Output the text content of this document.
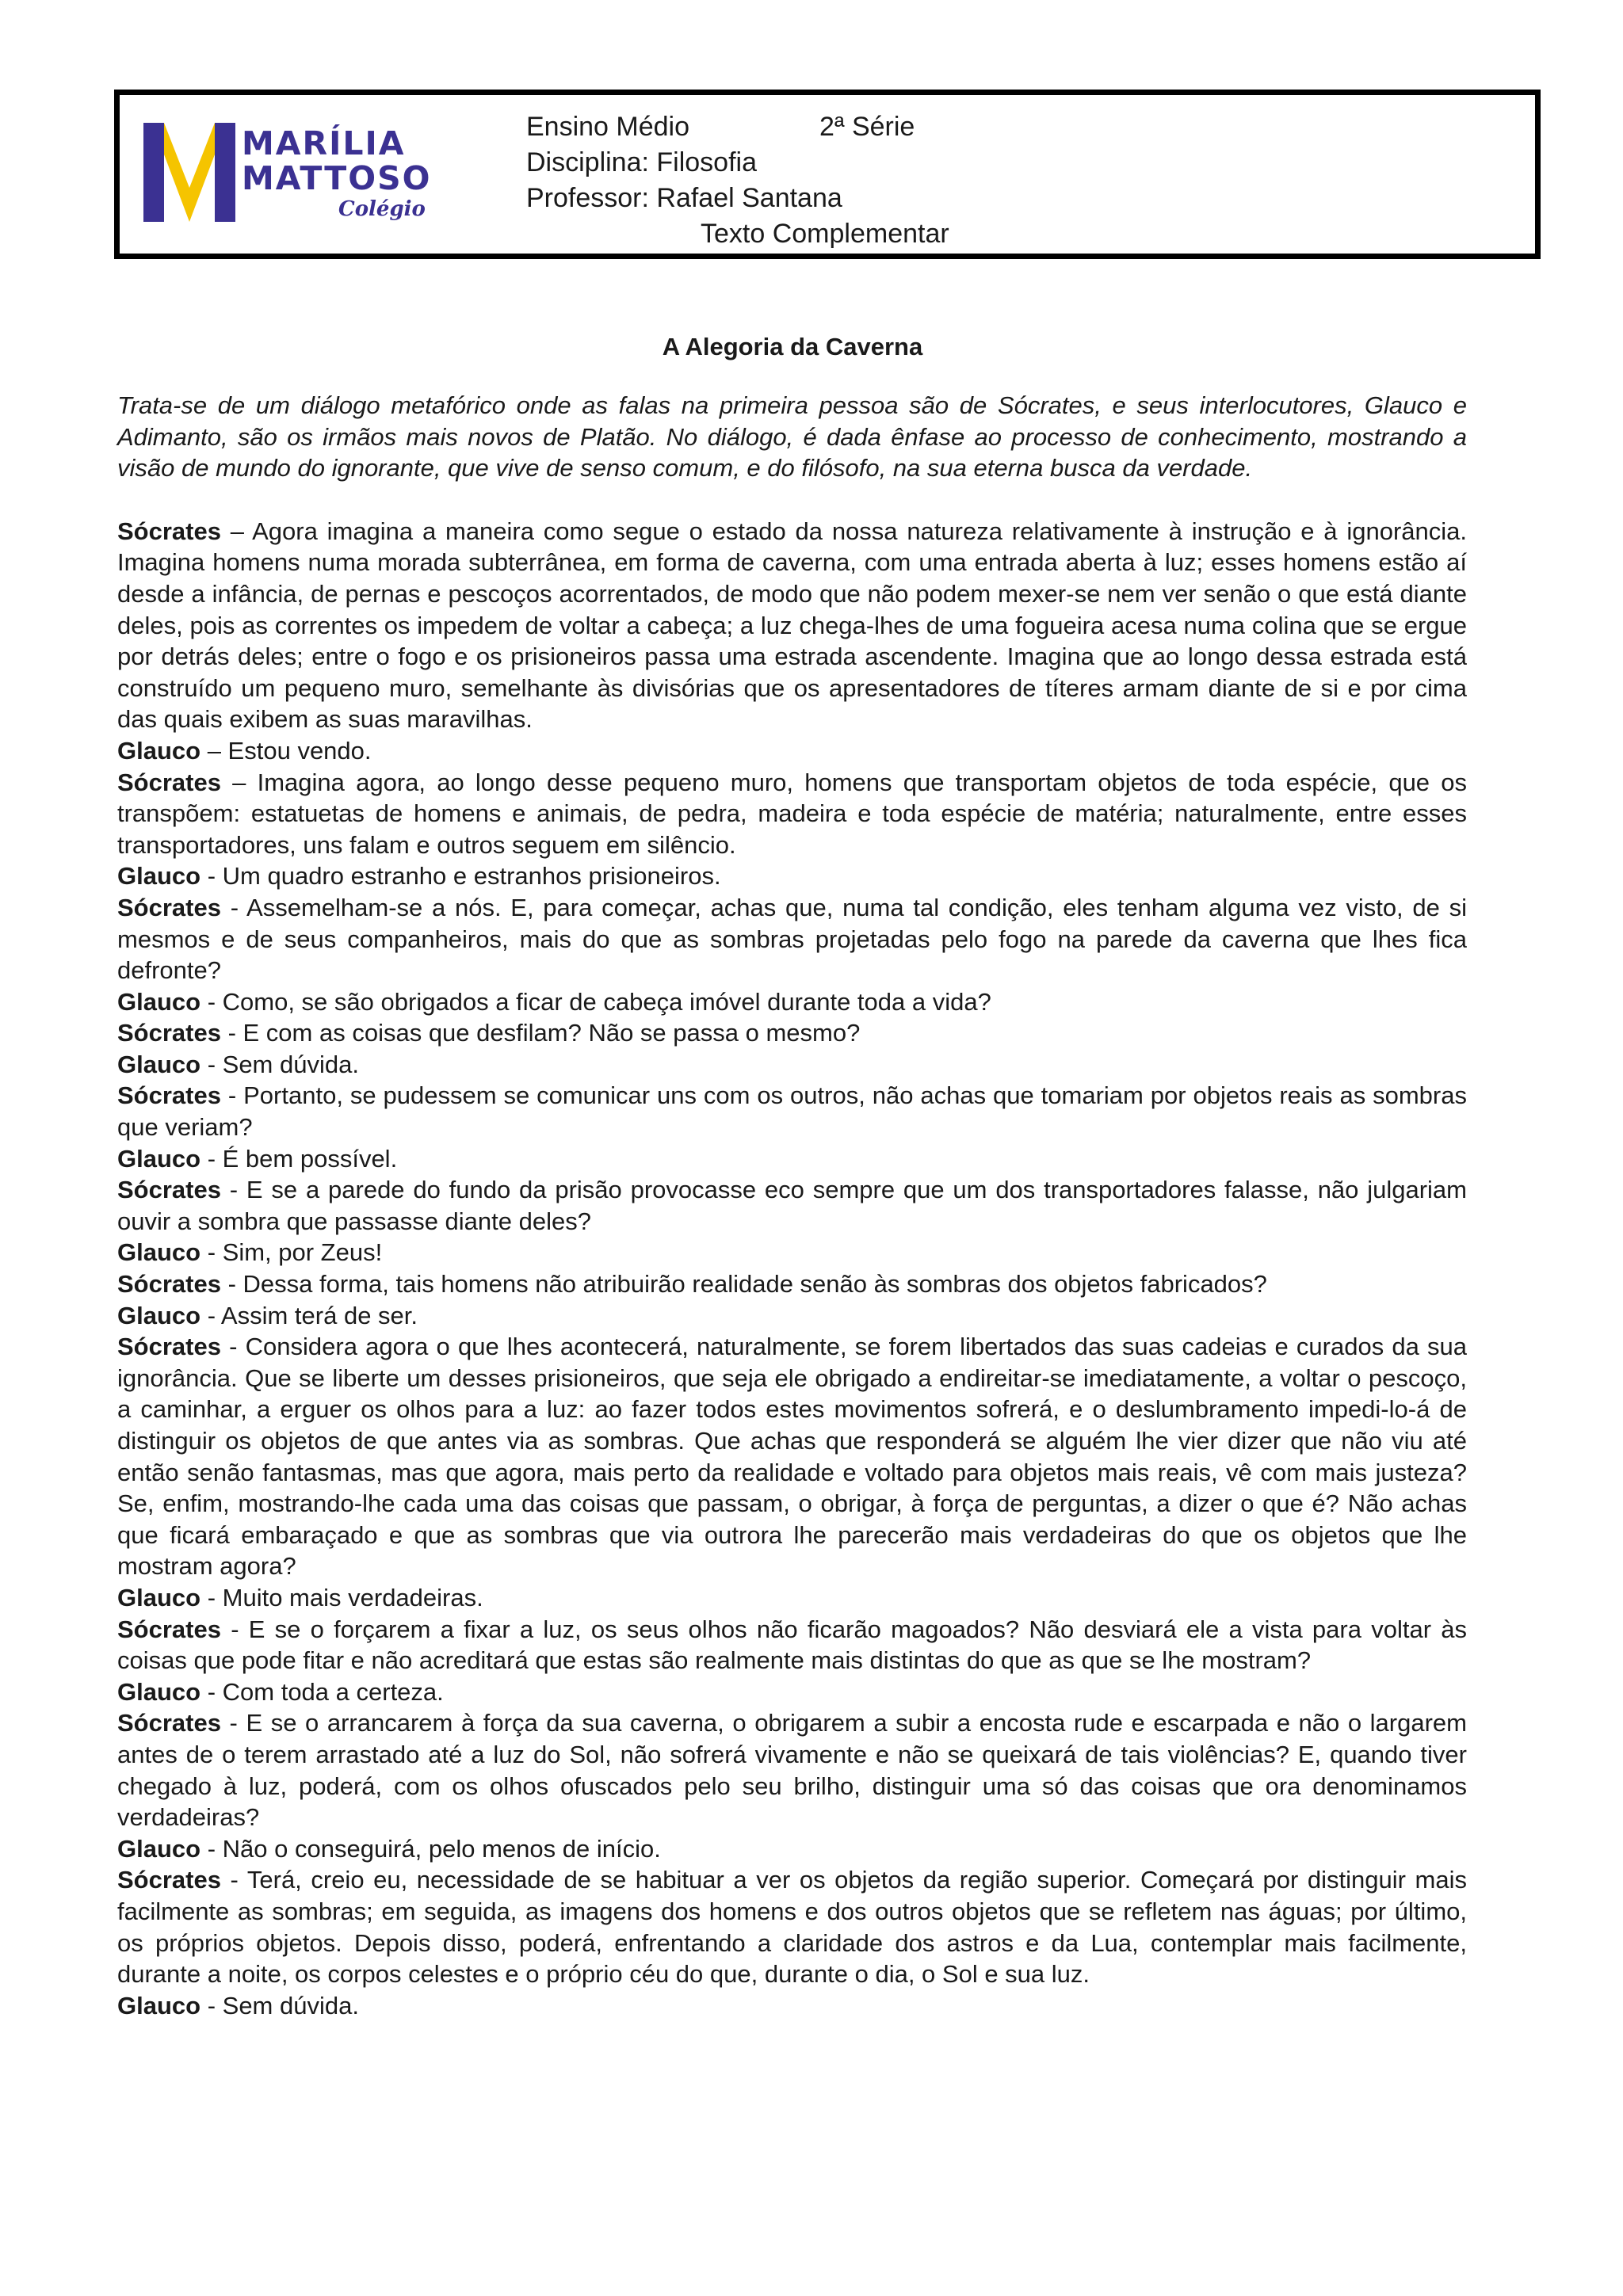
MARÍLIA
MATTOSO
Colégio
Ensino Médio	2ª Série
Disciplina: Filosofia
Professor: Rafael Santana
Texto Complementar
A Alegoria da Caverna

Trata-se de um diálogo metafórico onde as falas na primeira pessoa são de Sócrates, e seus interlocutores, Glauco e Adimanto, são os irmãos mais novos de Platão. No diálogo, é dada ênfase ao processo de conhecimento, mostrando a visão de mundo do ignorante, que vive de senso comum, e do filósofo, na sua eterna busca da verdade.

Sócrates – Agora imagina a maneira como segue o estado da nossa natureza relativamente à instrução e à ignorância. Imagina homens numa morada subterrânea, em forma de caverna, com uma entrada aberta à luz; esses homens estão aí desde a infância, de pernas e pescoços acorrentados, de modo que não podem mexer-se nem ver senão o que está diante deles, pois as correntes os impedem de voltar a cabeça; a luz chega-lhes de uma fogueira acesa numa colina que se ergue por detrás deles; entre o fogo e os prisioneiros passa uma estrada ascendente. Imagina que ao longo dessa estrada está construído um pequeno muro, semelhante às divisórias que os apresentadores de títeres armam diante de si e por cima das quais exibem as suas maravilhas.

Glauco – Estou vendo.

Sócrates – Imagina agora, ao longo desse pequeno muro, homens que transportam objetos de toda espécie, que os transpõem: estatuetas de homens e animais, de pedra, madeira e toda espécie de matéria; naturalmente, entre esses transportadores, uns falam e outros seguem em silêncio.

Glauco - Um quadro estranho e estranhos prisioneiros.

Sócrates - Assemelham-se a nós. E, para começar, achas que, numa tal condição, eles tenham alguma vez visto, de si mesmos e de seus companheiros, mais do que as sombras projetadas pelo fogo na parede da caverna que lhes fica defronte?

Glauco - Como, se são obrigados a ficar de cabeça imóvel durante toda a vida?

Sócrates - E com as coisas que desfilam? Não se passa o mesmo?

Glauco - Sem dúvida.

Sócrates - Portanto, se pudessem se comunicar uns com os outros, não achas que tomariam por objetos reais as sombras que veriam?

Glauco - É bem possível.

Sócrates - E se a parede do fundo da prisão provocasse eco sempre que um dos transportadores falasse, não julgariam ouvir a sombra que passasse diante deles?

Glauco - Sim, por Zeus!

Sócrates - Dessa forma, tais homens não atribuirão realidade senão às sombras dos objetos fabricados?

Glauco - Assim terá de ser.

Sócrates - Considera agora o que lhes acontecerá, naturalmente, se forem libertados das suas cadeias e curados da sua ignorância. Que se liberte um desses prisioneiros, que seja ele obrigado a endireitar-se imediatamente, a voltar o pescoço, a caminhar, a erguer os olhos para a luz: ao fazer todos estes movimentos sofrerá, e o deslumbramento impedi-lo-á de distinguir os objetos de que antes via as sombras. Que achas que responderá se alguém lhe vier dizer que não viu até então senão fantasmas, mas que agora, mais perto da realidade e voltado para objetos mais reais, vê com mais justeza? Se, enfim, mostrando-lhe cada uma das coisas que passam, o obrigar, à força de perguntas, a dizer o que é? Não achas que ficará embaraçado e que as sombras que via outrora lhe parecerão mais verdadeiras do que os objetos que lhe mostram agora?

Glauco - Muito mais verdadeiras.

Sócrates - E se o forçarem a fixar a luz, os seus olhos não ficarão magoados? Não desviará ele a vista para voltar às coisas que pode fitar e não acreditará que estas são realmente mais distintas do que as que se lhe mostram?

Glauco - Com toda a certeza.

Sócrates - E se o arrancarem à força da sua caverna, o obrigarem a subir a encosta rude e escarpada e não o largarem antes de o terem arrastado até a luz do Sol, não sofrerá vivamente e não se queixará de tais violências? E, quando tiver chegado à luz, poderá, com os olhos ofuscados pelo seu brilho, distinguir uma só das coisas que ora denominamos verdadeiras?

Glauco - Não o conseguirá, pelo menos de início.

Sócrates - Terá, creio eu, necessidade de se habituar a ver os objetos da região superior. Começará por distinguir mais facilmente as sombras; em seguida, as imagens dos homens e dos outros objetos que se refletem nas águas; por último, os próprios objetos. Depois disso, poderá, enfrentando a claridade dos astros e da Lua, contemplar mais facilmente, durante a noite, os corpos celestes e o próprio céu do que, durante o dia, o Sol e sua luz.

Glauco - Sem dúvida.
